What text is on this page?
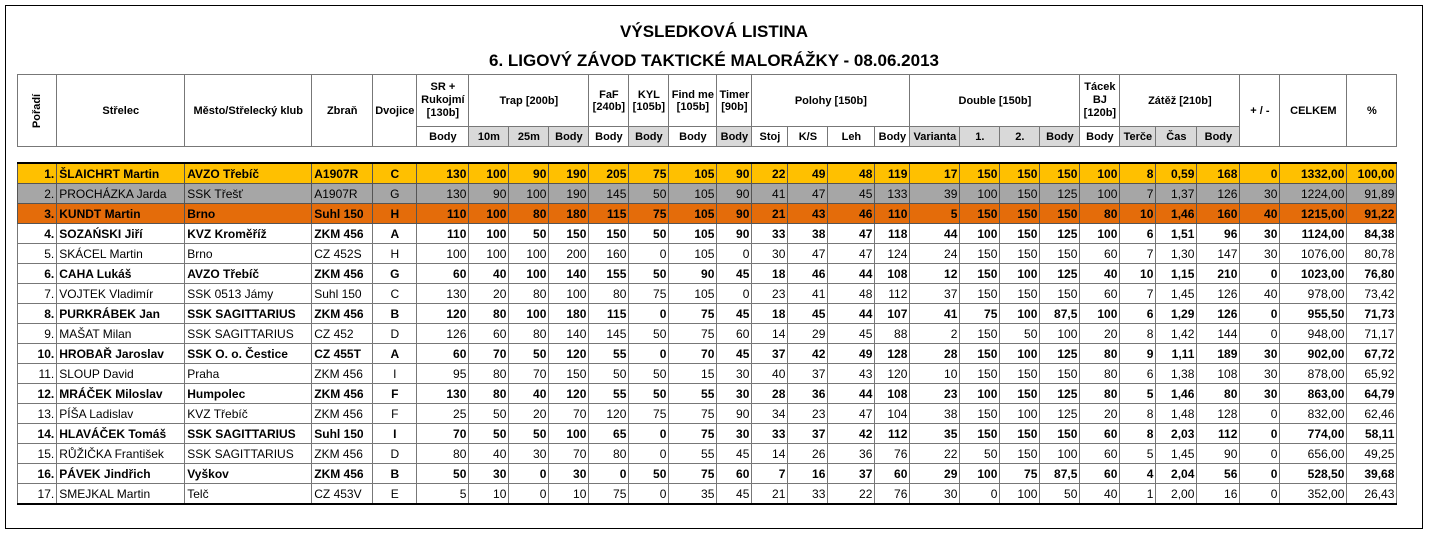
VÝSLEDKOVÁ LISTINA
6. LIGOVÝ ZÁVOD TAKTICKÉ MALORÁŽKY - 08.06.2013
Pořadí	Střelec	Město/Střelecký klub	Zbraň	Dvojice	SR + Rukojmí [130b]	Trap [200b]			FaF [240b]	KYL [105b]	Find me [105b]	Timer [90b]	Polohy [150b]				Double [150b]				Tácek BJ [120b]	Zátěž [210b]			+ / -	CELKEM	%
					Body	10m	25m	Body	Body	Body	Body	Body	Stoj	K/S	Leh	Body	Varianta	1.	2.	Body	Body	Terče	Čas	Body			

1.	ŠLAICHRT Martin	AVZO Třebíč	A1907R	C	130	100	90	190	205	75	105	90	22	49	48	119	17	150	150	150	100	8	0,59	168	0	1332,00	100,00
2.	PROCHÁZKA Jarda	SSK Třešť	A1907R	G	130	90	100	190	145	50	105	90	41	47	45	133	39	100	150	125	100	7	1,37	126	30	1224,00	91,89
3.	KUNDT Martin	Brno	Suhl 150	H	110	100	80	180	115	75	105	90	21	43	46	110	5	150	150	150	80	10	1,46	160	40	1215,00	91,22
4.	SOZAŃSKI Jiří	KVZ Kroměříž	ZKM 456	A	110	100	50	150	150	50	105	90	33	38	47	118	44	100	150	125	100	6	1,51	96	30	1124,00	84,38
5.	SKÁCEL Martin	Brno	CZ 452S	H	100	100	100	200	160	0	105	0	30	47	47	124	24	150	150	150	60	7	1,30	147	30	1076,00	80,78
6.	CAHA Lukáš	AVZO Třebíč	ZKM 456	G	60	40	100	140	155	50	90	45	18	46	44	108	12	150	100	125	40	10	1,15	210	0	1023,00	76,80
7.	VOJTEK Vladimír	SSK 0513 Jámy	Suhl 150	C	130	20	80	100	80	75	105	0	23	41	48	112	37	150	150	150	60	7	1,45	126	40	978,00	73,42
8.	PURKRÁBEK Jan	SSK SAGITTARIUS	ZKM 456	B	120	80	100	180	115	0	75	45	18	45	44	107	41	75	100	87,5	100	6	1,29	126	0	955,50	71,73
9.	MAŠAT Milan	SSK SAGITTARIUS	CZ 452	D	126	60	80	140	145	50	75	60	14	29	45	88	2	150	50	100	20	8	1,42	144	0	948,00	71,17
10.	HROBAŘ Jaroslav	SSK O. o. Čestice	CZ 455T	A	60	70	50	120	55	0	70	45	37	42	49	128	28	150	100	125	80	9	1,11	189	30	902,00	67,72
11.	SLOUP David	Praha	ZKM 456	I	95	80	70	150	50	50	15	30	40	37	43	120	10	150	150	150	80	6	1,38	108	30	878,00	65,92
12.	MRÁČEK Miloslav	Humpolec	ZKM 456	F	130	80	40	120	55	50	55	30	28	36	44	108	23	100	150	125	80	5	1,46	80	30	863,00	64,79
13.	PÍŠA Ladislav	KVZ Třebíč	ZKM 456	F	25	50	20	70	120	75	75	90	34	23	47	104	38	150	100	125	20	8	1,48	128	0	832,00	62,46
14.	HLAVÁČEK Tomáš	SSK SAGITTARIUS	Suhl 150	I	70	50	50	100	65	0	75	30	33	37	42	112	35	150	150	150	60	8	2,03	112	0	774,00	58,11
15.	RŮŽIČKA František	SSK SAGITTARIUS	ZKM 456	D	80	40	30	70	80	0	55	45	14	26	36	76	22	50	150	100	60	5	1,45	90	0	656,00	49,25
16.	PÁVEK Jindřich	Vyškov	ZKM 456	B	50	30	0	30	0	50	75	60	7	16	37	60	29	100	75	87,5	60	4	2,04	56	0	528,50	39,68
17.	SMEJKAL Martin	Telč	CZ 453V	E	5	10	0	10	75	0	35	45	21	33	22	76	30	0	100	50	40	1	2,00	16	0	352,00	26,43
